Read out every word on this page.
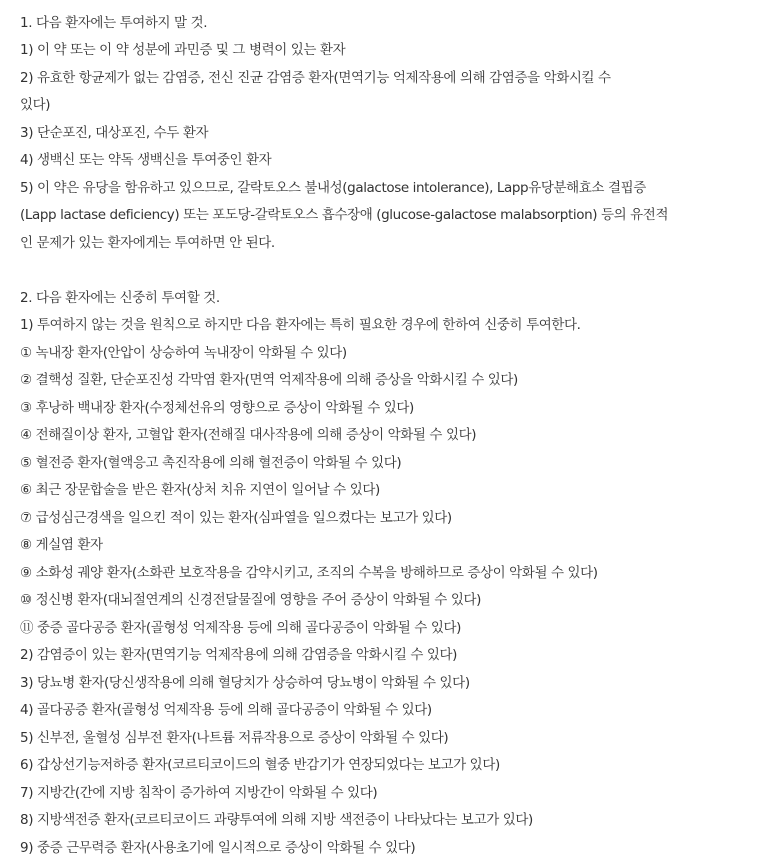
1. 다음 환자에는 투여하지 말 것.
1) 이 약 또는 이 약 성분에 과민증 및 그 병력이 있는 환자
2) 유효한 항균제가 없는 감염증, 전신 진균 감염증 환자(면역기능 억제작용에 의해 감염증을 악화시킬 수
있다)
3) 단순포진, 대상포진, 수두 환자
4) 생백신 또는 약독 생백신을 투여중인 환자
5) 이 약은 유당을 함유하고 있으므로, 갈락토오스 불내성(galactose intolerance), Lapp유당분해효소 결핍증
(Lapp lactase deficiency) 또는 포도당-갈락토오스 흡수장애 (glucose-galactose malabsorption) 등의 유전적
인 문제가 있는 환자에게는 투여하면 안 된다.
2. 다음 환자에는 신중히 투여할 것.
1) 투여하지 않는 것을 원칙으로 하지만 다음 환자에는 특히 필요한 경우에 한하여 신중히 투여한다.
① 녹내장 환자(안압이 상승하여 녹내장이 악화될 수 있다)
② 결핵성 질환, 단순포진성 각막염 환자(면역 억제작용에 의해 증상을 악화시킬 수 있다)
③ 후낭하 백내장 환자(수정체선유의 영향으로 증상이 악화될 수 있다)
④ 전해질이상 환자, 고혈압 환자(전해질 대사작용에 의해 증상이 악화될 수 있다)
⑤ 혈전증 환자(혈액응고 촉진작용에 의해 혈전증이 악화될 수 있다)
⑥ 최근 장문합술을 받은 환자(상처 치유 지연이 일어날 수 있다)
⑦ 급성심근경색을 일으킨 적이 있는 환자(심파열을 일으켰다는 보고가 있다)
⑧ 게실염 환자
⑨ 소화성 궤양 환자(소화관 보호작용을 감약시키고, 조직의 수복을 방해하므로 증상이 악화될 수 있다)
⑩ 정신병 환자(대뇌절연계의 신경전달물질에 영향을 주어 증상이 악화될 수 있다)
⑪ 중증 골다공증 환자(골형성 억제작용 등에 의해 골다공증이 악화될 수 있다)
2) 감염증이 있는 환자(면역기능 억제작용에 의해 감염증을 악화시킬 수 있다)
3) 당뇨병 환자(당신생작용에 의해 혈당치가 상승하여 당뇨병이 악화될 수 있다)
4) 골다공증 환자(골형성 억제작용 등에 의해 골다공증이 악화될 수 있다)
5) 신부전, 울혈성 심부전 환자(나트륨 저류작용으로 증상이 악화될 수 있다)
6) 갑상선기능저하증 환자(코르티코이드의 혈중 반감기가 연장되었다는 보고가 있다)
7) 지방간(간에 지방 침착이 증가하여 지방간이 악화될 수 있다)
8) 지방색전증 환자(코르티코이드 과량투여에 의해 지방 색전증이 나타났다는 보고가 있다)
9) 중증 근무력증 환자(사용초기에 일시적으로 증상이 악화될 수 있다)
